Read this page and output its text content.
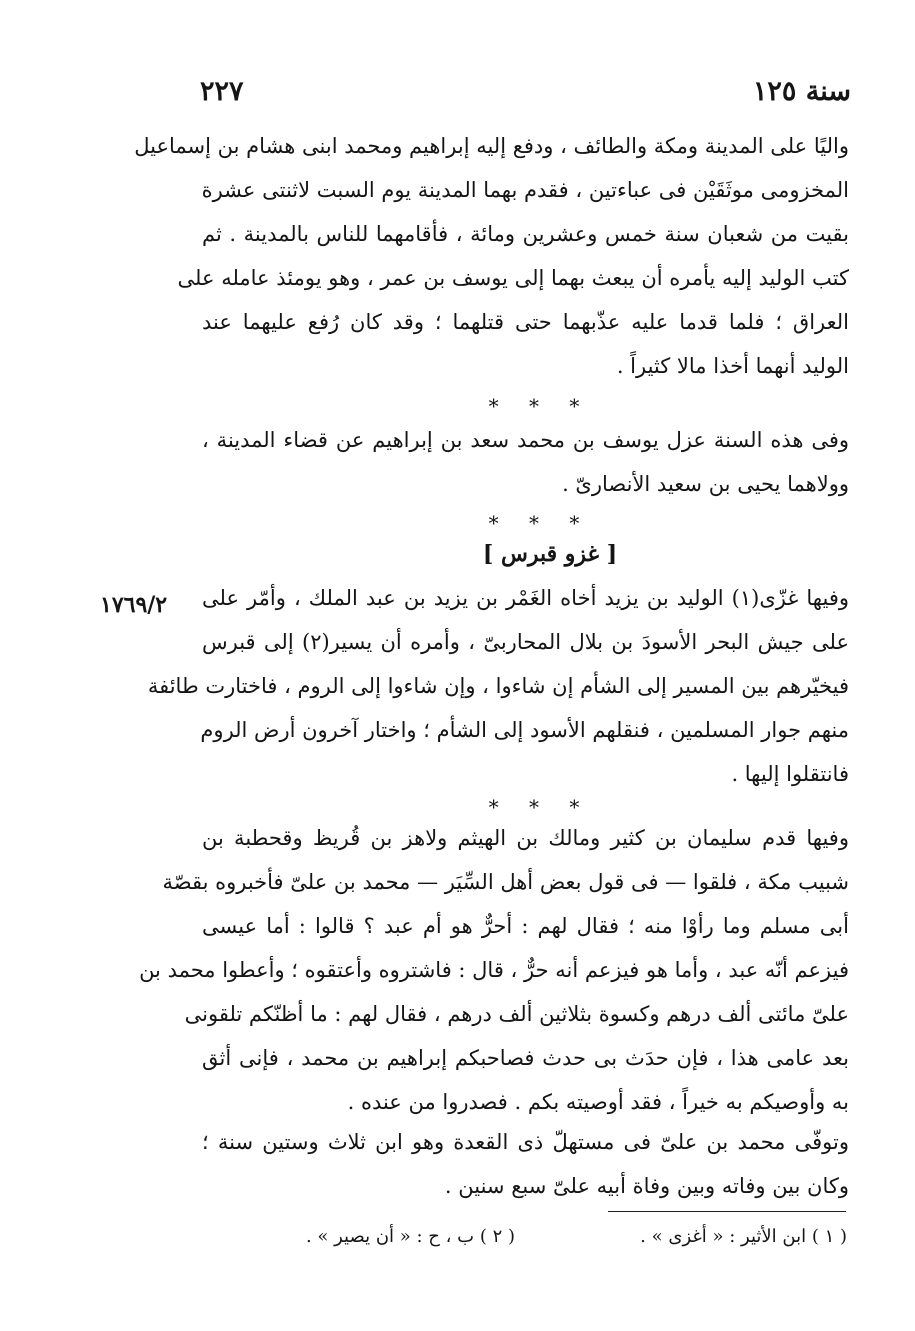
سنة ١٢٥
٢٢٧
واليًا على المدينة ومكة والطائف ، ودفع إليه إبراهيم ومحمد ابنى هشام بن إسماعيل
المخزومى موثَقَيْن فى عباءتين ، فقدم بهما المدينة يوم السبت لاثنتى عشرة
بقيت من شعبان سنة خمس وعشرين ومائة ، فأقامهما للناس بالمدينة . ثم
كتب الوليد إليه يأمره أن يبعث بهما إلى يوسف بن عمر ، وهو يومئذ عامله على
العراق ؛ فلما قدما عليه عذّبهما حتى قتلهما ؛ وقد كان رُفع عليهما عند
الوليد أنهما أخذا مالا كثيراً .
* * *
وفى هذه السنة عزل يوسف بن محمد سعد بن إبراهيم عن قضاء المدينة ،
وولاهما يحيى بن سعيد الأنصارىّ .
* * *
[ غزو قبرس ]
١٧٦٩/٢ وفيها غزّى(١) الوليد بن يزيد أخاه الغَمْر بن يزيد بن عبد الملك ، وأمّر على
على جيش البحر الأسودَ بن بلال المحاربىّ ، وأمره أن يسير(٢) إلى قبرس
فيخيّرهم بين المسير إلى الشأم إن شاءوا ، وإن شاءوا إلى الروم ، فاختارت طائفة
منهم جوار المسلمين ، فنقلهم الأسود إلى الشأم ؛ واختار آخرون أرض الروم
فانتقلوا إليها .
* * *
وفيها قدم سليمان بن كثير ومالك بن الهيثم ولاهز بن قُريظ وقحطبة بن
شبيب مكة ، فلقوا — فى قول بعض أهل السِّيَر — محمد بن علىّ فأخبروه بقصّة
أبى مسلم وما رأوْا منه ؛ فقال لهم : أحرٌّ هو أم عبد ؟ قالوا : أما عيسى
فيزعم أنّه عبد ، وأما هو فيزعم أنه حرٌّ ، قال : فاشتروه وأعتقوه ؛ وأعطوا محمد بن
علىّ مائتى ألف درهم وكسوة بثلاثين ألف درهم ، فقال لهم : ما أظنّكم تلقونى
بعد عامى هذا ، فإن حدَث بى حدث فصاحبكم إبراهيم بن محمد ، فإنى أثق
به وأوصيكم به خيراً ، فقد أوصيته بكم . فصدروا من عنده .
وتوفّى محمد بن علىّ فى مستهلّ ذى القعدة وهو ابن ثلاث وستين سنة ؛
وكان بين وفاته وبين وفاة أبيه علىّ سبع سنين .
( ١ ) ابن الأثير : « أغزى » .
( ٢ ) ب ، ح : « أن يصير » .
